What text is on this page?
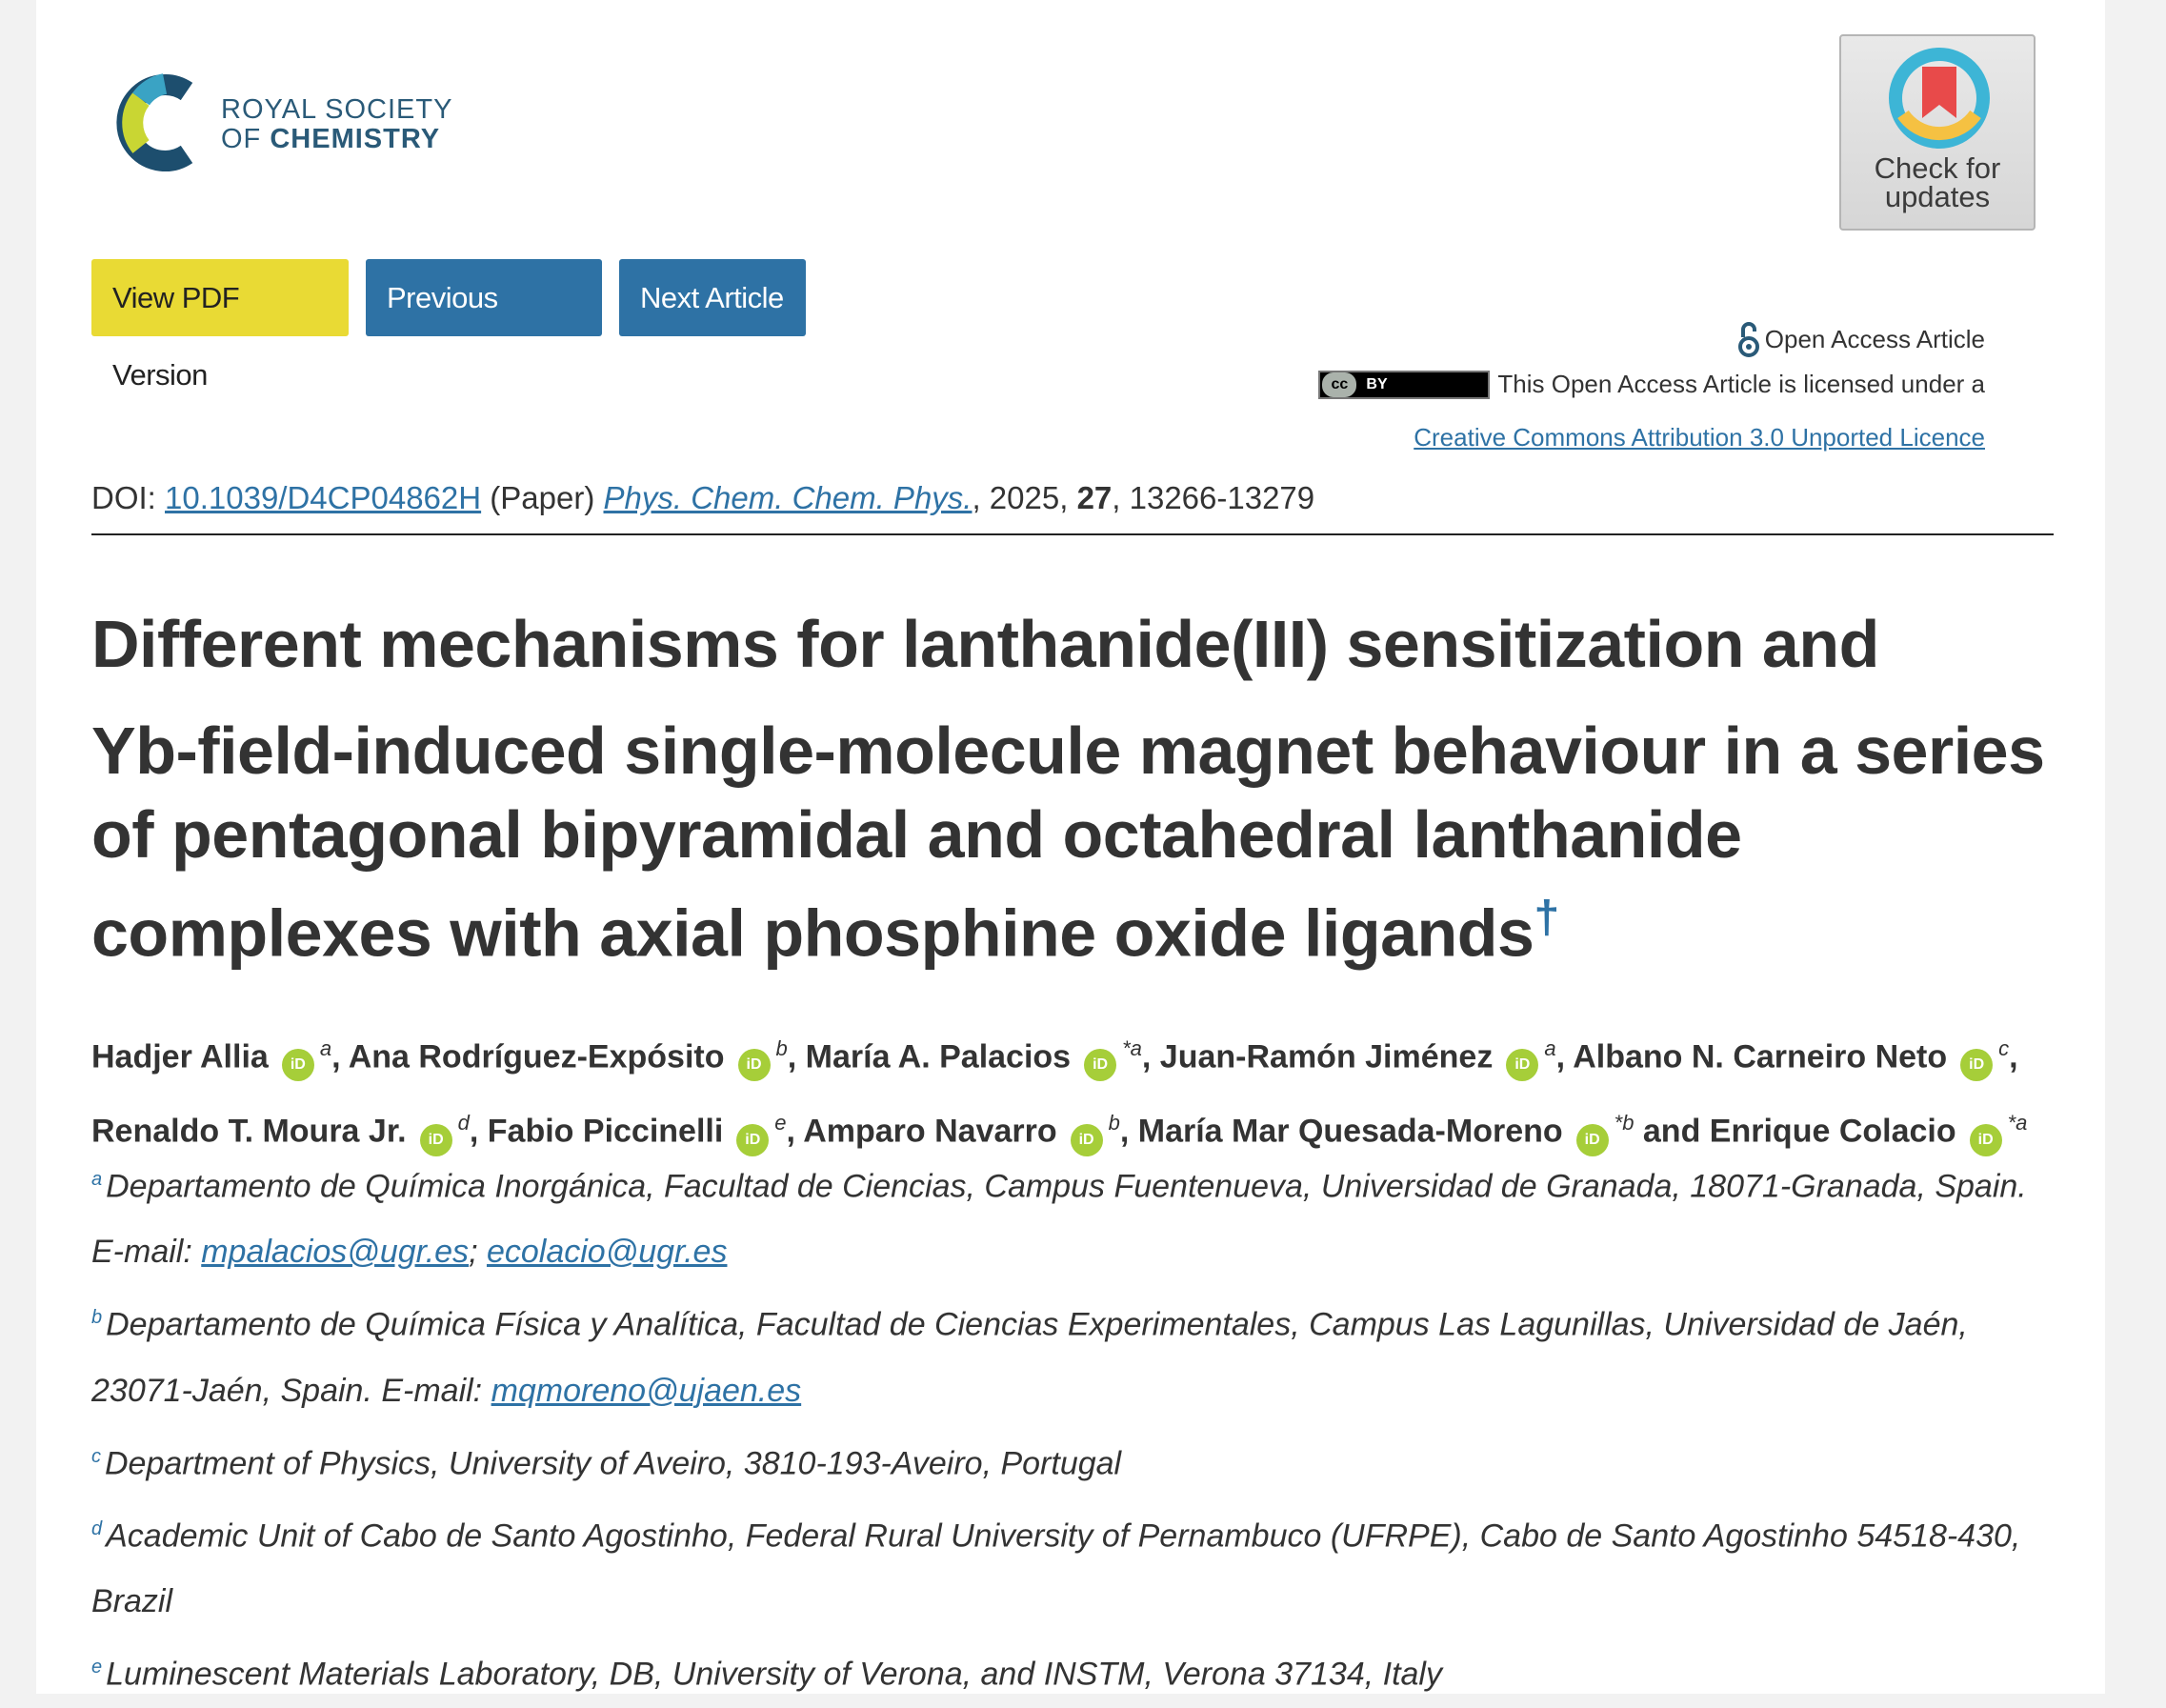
ROYAL SOCIETY
OF CHEMISTRY
Check for
updates
View PDF Version
Previous Article
Next Article
Open Access Article
cc	BY	This Open Access Article is licensed under a
Creative Commons Attribution 3.0 Unported Licence
DOI: 10.1039/D4CP04862H (Paper) Phys. Chem. Chem. Phys., 2025, 27, 13266-13279
Different mechanisms for lanthanide(III) sensitization and
Yb-field-induced single-molecule magnet behaviour in a series of pentagonal bipyramidal and octahedral lanthanide complexes with axial phosphine oxide ligands†
Hadjer Allia $iD^a$, Ana Rodríguez-Expósito $iD^b$, María A. Palacios $iD^{*a}$, Juan-Ramón Jiménez $iD^a$, Albano N. Carneiro Neto $iD^c$,
Renaldo T. Moura Jr. $iD^d$, Fabio Piccinelli $iD^e$, Amparo Navarro $iD^b$, María Mar Quesada-Moreno $iD^{*b}$ and Enrique Colacio $iD^{*a}$
$^a$ Departamento de Química Inorgánica, Facultad de Ciencias, Campus Fuentenueva, Universidad de Granada, 18071-Granada, Spain.
E-mail: mpalacios@ugr.es; ecolacio@ugr.es
$^b$ Departamento de Química Física y Analítica, Facultad de Ciencias Experimentales, Campus Las Lagunillas, Universidad de Jaén,
23071-Jaén, Spain. E-mail: mqmoreno@ujaen.es
$^c$ Department of Physics, University of Aveiro, 3810-193-Aveiro, Portugal
$^d$ Academic Unit of Cabo de Santo Agostinho, Federal Rural University of Pernambuco (UFRPE), Cabo de Santo Agostinho 54518-430,
Brazil
$^e$ Luminescent Materials Laboratory, DB, University of Verona, and INSTM, Verona 37134, Italy
